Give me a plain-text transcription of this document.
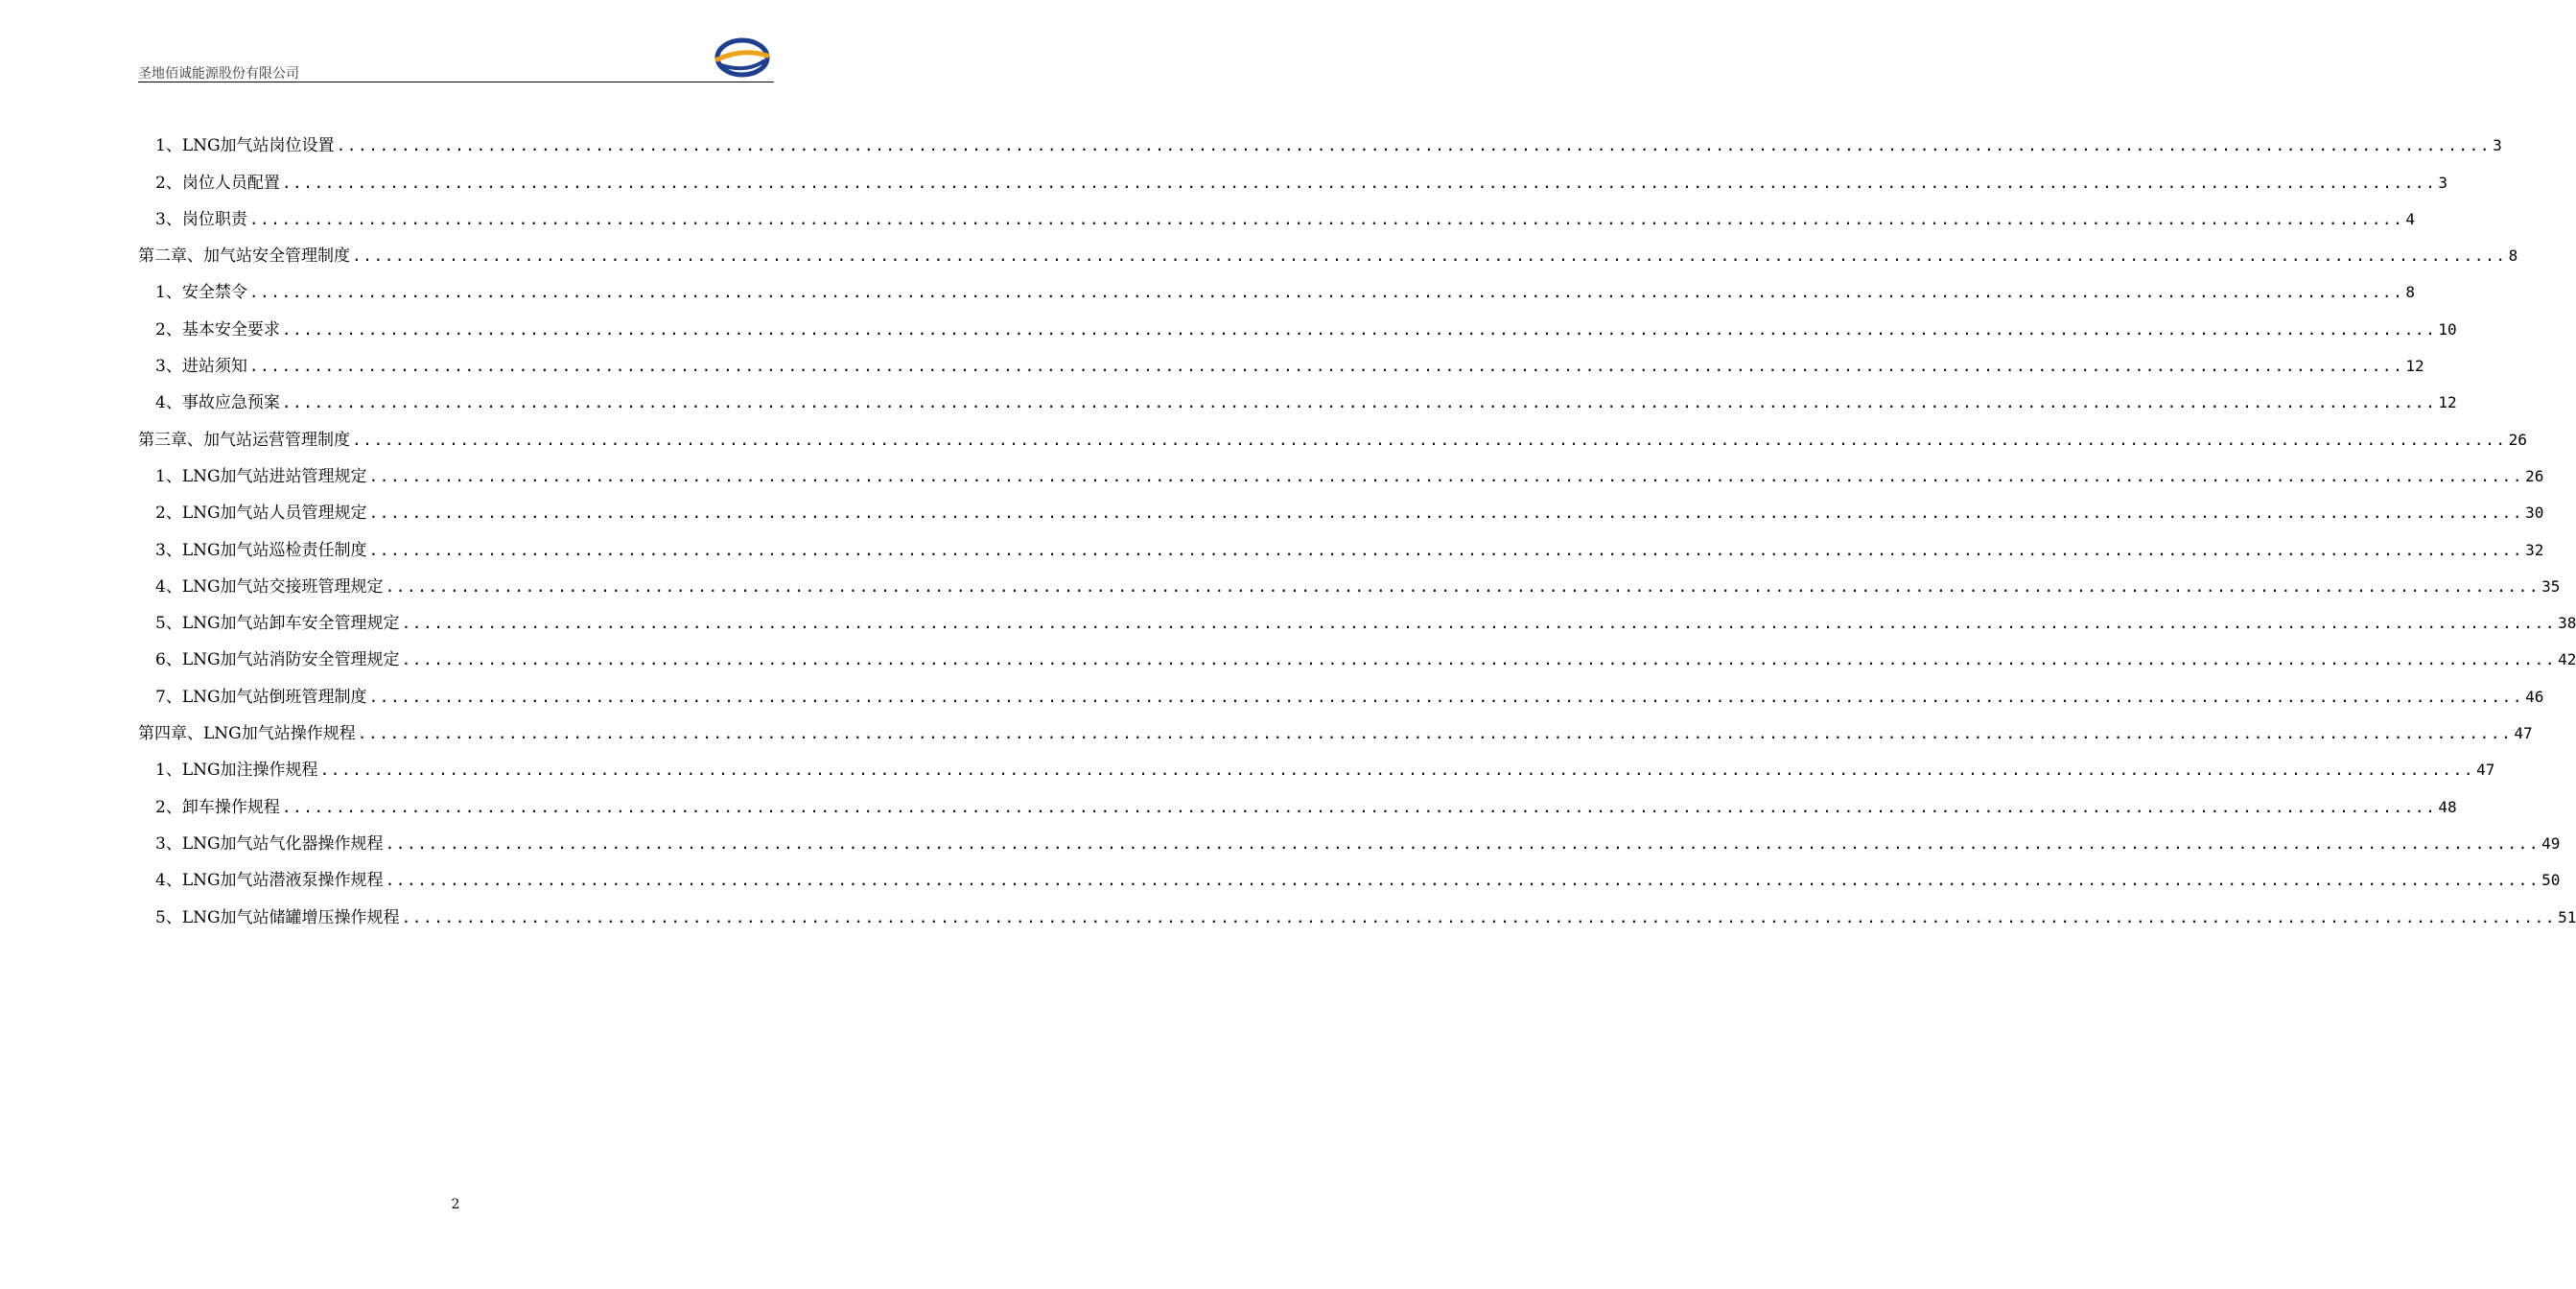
圣地佰诚能源股份有限公司
1、LNG加气站岗位设置 ........................................................................................................................................................................................................ 3
2、岗位人员配置 ........................................................................................................................................................................................................ 3
3、岗位职责 ........................................................................................................................................................................................................ 4
第二章、加气站安全管理制度 ........................................................................................................................................................................................................ 8
1、安全禁令 ........................................................................................................................................................................................................ 8
2、基本安全要求 ........................................................................................................................................................................................................ 10
3、进站须知 ........................................................................................................................................................................................................ 12
4、事故应急预案 ........................................................................................................................................................................................................ 12
第三章、加气站运营管理制度 ........................................................................................................................................................................................................ 26
1、LNG加气站进站管理规定 ........................................................................................................................................................................................................ 26
2、LNG加气站人员管理规定 ........................................................................................................................................................................................................ 30
3、LNG加气站巡检责任制度 ........................................................................................................................................................................................................ 32
4、LNG加气站交接班管理规定 ........................................................................................................................................................................................................ 35
5、LNG加气站卸车安全管理规定 ........................................................................................................................................................................................................ 38
6、LNG加气站消防安全管理规定 ........................................................................................................................................................................................................ 42
7、LNG加气站倒班管理制度 ........................................................................................................................................................................................................ 46
第四章、LNG加气站操作规程 ........................................................................................................................................................................................................ 47
1、LNG加注操作规程 ........................................................................................................................................................................................................ 47
2、卸车操作规程 ........................................................................................................................................................................................................ 48
3、LNG加气站气化器操作规程 ........................................................................................................................................................................................................ 49
4、LNG加气站潜液泵操作规程 ........................................................................................................................................................................................................ 50
5、LNG加气站储罐增压操作规程 ........................................................................................................................................................................................................ 51
2
